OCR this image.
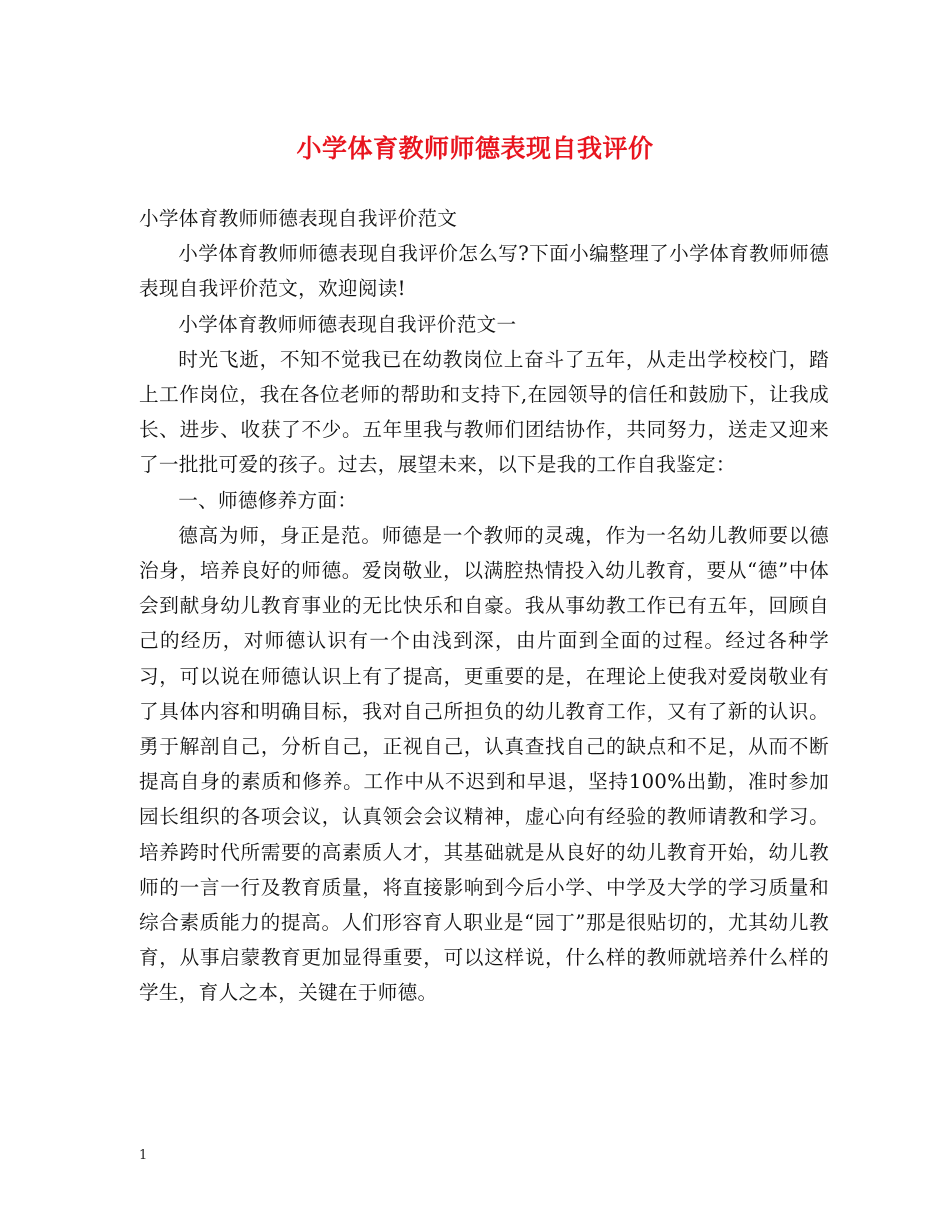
小学体育教师师德表现自我评价

小学体育教师师德表现自我评价范文

小学体育教师师德表现自我评价怎么写?下面小编整理了小学体育教师师德表现自我评价范文，欢迎阅读!

小学体育教师师德表现自我评价范文一

时光飞逝，不知不觉我已在幼教岗位上奋斗了五年，从走出学校校门，踏上工作岗位，我在各位老师的帮助和支持下,在园领导的信任和鼓励下，让我成长、进步、收获了不少。五年里我与教师们团结协作，共同努力，送走又迎来了一批批可爱的孩子。过去，展望未来，以下是我的工作自我鉴定：

一、师德修养方面：

德高为师，身正是范。师德是一个教师的灵魂，作为一名幼儿教师要以德治身，培养良好的师德。爱岗敬业，以满腔热情投入幼儿教育，要从“德”中体会到献身幼儿教育事业的无比快乐和自豪。我从事幼教工作已有五年，回顾自己的经历，对师德认识有一个由浅到深，由片面到全面的过程。经过各种学习，可以说在师德认识上有了提高，更重要的是，在理论上使我对爱岗敬业有了具体内容和明确目标，我对自己所担负的幼儿教育工作，又有了新的认识。勇于解剖自己，分析自己，正视自己，认真查找自己的缺点和不足，从而不断提高自身的素质和修养。工作中从不迟到和早退，坚持100%出勤，准时参加园长组织的各项会议，认真领会会议精神，虚心向有经验的教师请教和学习。培养跨时代所需要的高素质人才，其基础就是从良好的幼儿教育开始，幼儿教师的一言一行及教育质量，将直接影响到今后小学、中学及大学的学习质量和综合素质能力的提高。人们形容育人职业是“园丁”那是很贴切的，尤其幼儿教育，从事启蒙教育更加显得重要，可以这样说，什么样的教师就培养什么样的学生，育人之本，关键在于师德。

1
